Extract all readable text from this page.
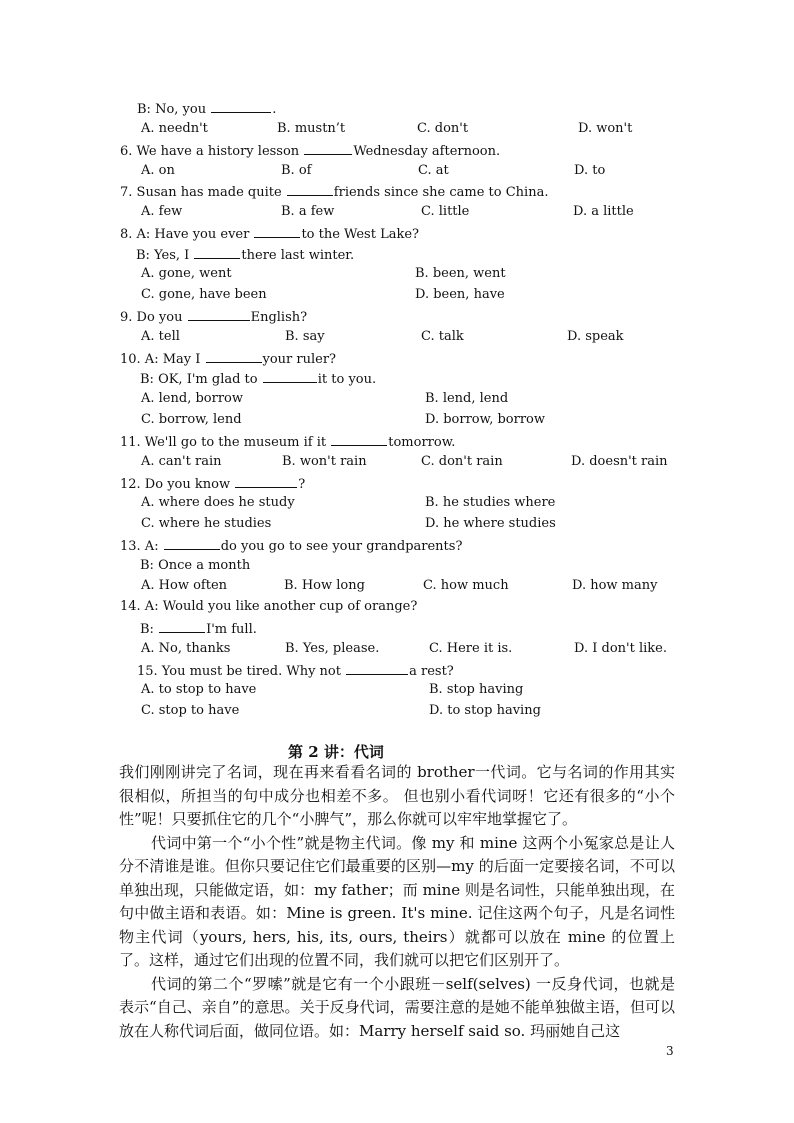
B: No, you	.
A. needn't	B. mustn’t	C. don't	D. won't
6. We have a history lesson	Wednesday afternoon.
A. on	B. of	C. at	D. to
7. Susan has made quite	friends since she came to China.
A. few	B. a few	C. little	D. a little
8. A: Have you ever	to the West Lake?
B: Yes, I	there last winter.
A. gone, went	B. been, went
C. gone, have been	D. been, have
9. Do you	English?
A. tell	B. say	C. talk	D. speak
10. A: May I	your ruler?
B: OK, I'm glad to	it to you.
A. lend, borrow	B. lend, lend
C. borrow, lend	D. borrow, borrow
11. We'll go to the museum if it	tomorrow.
A. can't rain	B. won't rain	C. don't rain	D. doesn't rain
12. Do you know	?
A. where does he study	B. he studies where
C. where he studies	D. he where studies
13. A:	do you go to see your grandparents?
B: Once a month
A. How often	B. How long	C. how much	D. how many
14. A: Would you like another cup of orange?
B:	I'm full.
A. No, thanks	B. Yes, please.	C. Here it is.	D. I don't like.
15. You must be tired. Why not	a rest?
A. to stop to have	B. stop having
C. stop to have	D. to stop having
第 2 讲：代词

我们刚刚讲完了名词，现在再来看看名词的 brother一代词。它与名词的作用其实很相似，所担当的句中成分也相差不多。 但也别小看代词呀！它还有很多的“小个性”呢！只要抓住它的几个“小脾气”，那么你就可以牢牢地掌握它了。

代词中第一个“小个性”就是物主代词。像 my 和 mine 这两个小冤家总是让人分不清谁是谁。但你只要记住它们最重要的区别—my 的后面一定要接名词，不可以单独出现，只能做定语，如：my father；而 mine 则是名词性，只能单独出现，在句中做主语和表语。如：Mine is green. It's mine. 记住这两个句子，凡是名词性物主代词（yours, hers, his, its, ours, theirs）就都可以放在 mine 的位置上了。这样，通过它们出现的位置不同，我们就可以把它们区别开了。

代词的第二个“罗嗦”就是它有一个小跟班－self(selves) 一反身代词，也就是表示“自己、亲自”的意思。关于反身代词，需要注意的是她不能单独做主语，但可以放在人称代词后面，做同位语。如：Marry herself said so. 玛丽她自己这

3
